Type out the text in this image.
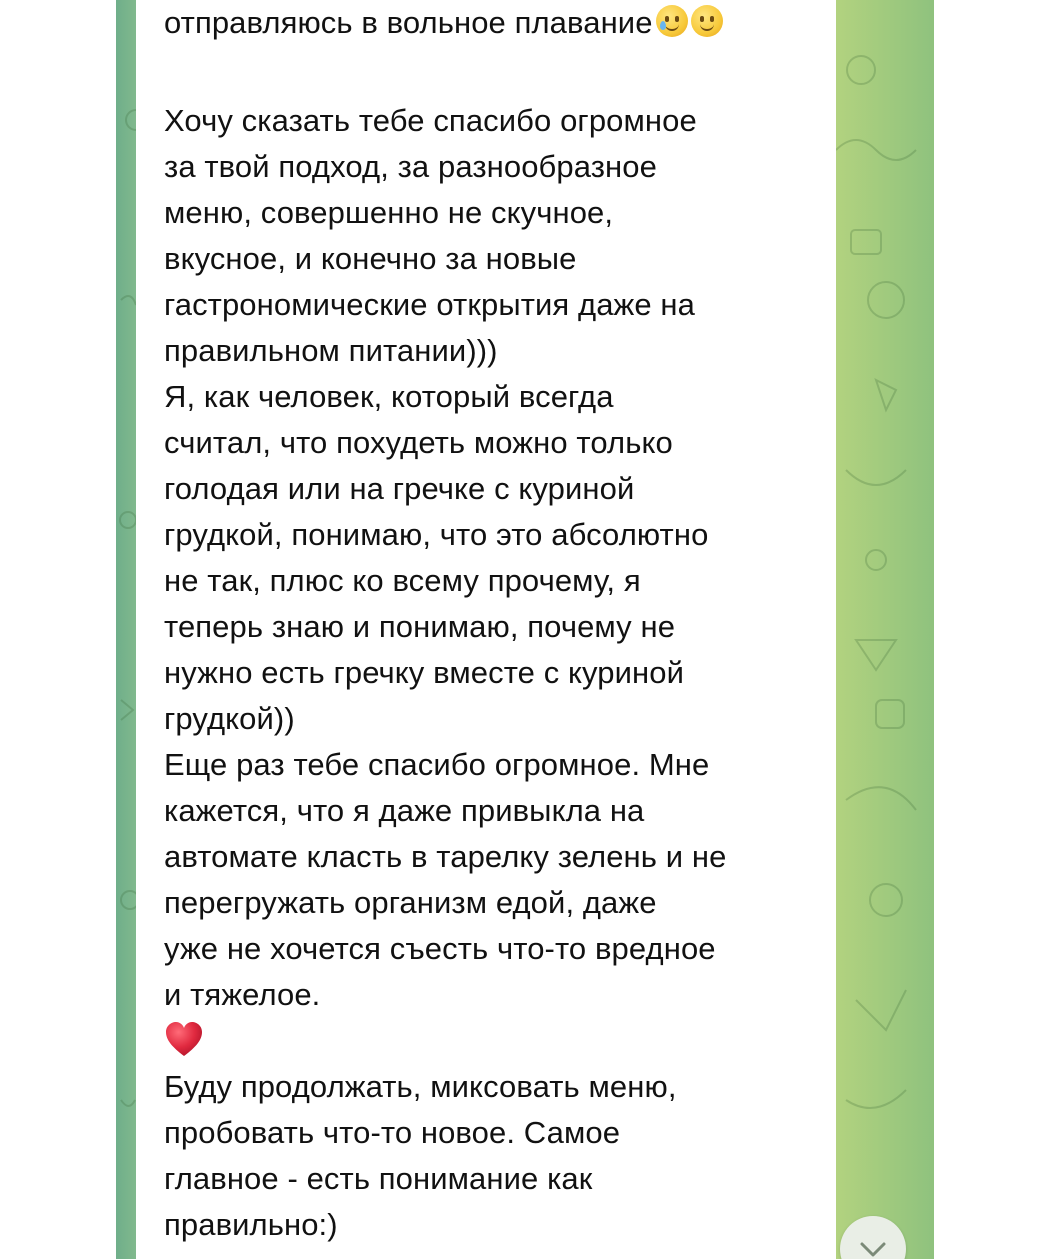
отправляюсь в вольное плавание
Хочу сказать тебе спасибо огромное
за твой подход, за разнообразное
меню, совершенно не скучное,
вкусное, и конечно за новые
гастрономические открытия даже на
правильном питании)))
Я, как человек, который всегда
считал, что похудеть можно только
голодая или на гречке с куриной
грудкой, понимаю, что это абсолютно
не так, плюс ко всему прочему, я
теперь знаю и понимаю, почему не
нужно есть гречку вместе с куриной
грудкой))
Еще раз тебе спасибо огромное. Мне
кажется, что я даже привыкла на
автомате класть в тарелку зелень и не
перегружать организм едой, даже
уже не хочется съесть что-то вредное
и тяжелое.
Буду продолжать, миксовать меню,
пробовать что-то новое. Самое
главное - есть понимание как
правильно:)
